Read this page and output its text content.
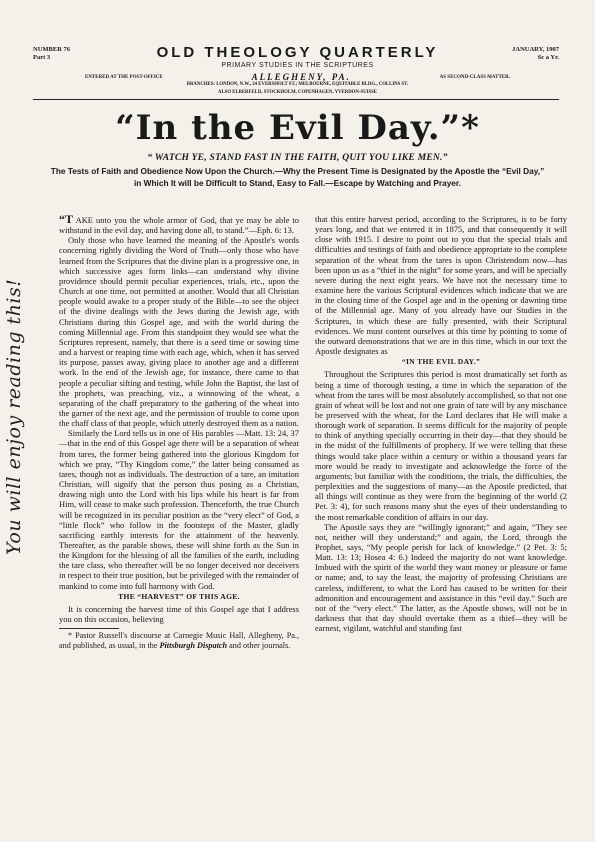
NUMBER 76
Part 3
JANUARY, 1907
6c a Yr.
OLD THEOLOGY QUARTERLY
PRIMARY STUDIES IN THE SCRIPTURES
ENTERED AT THE POST-OFFICE	ALLEGHENY, PA.	AS SECOND-CLASS MATTER.
BRANCHES: LONDON, N.W., 24 EVERSHOLT ST.; MELBOURNE, EQUITABLE BLDG., COLLINS ST.
ALSO ELBERFELD, STOCKHOLM, COPENHAGEN, YVERDON-SUISSE
“In the Evil Day.”*
“ WATCH YE, STAND FAST IN THE FAITH, QUIT YOU LIKE MEN.”
The Tests of Faith and Obedience Now Upon the Church.—Why the Present Time is Designated by the Apostle the “Evil Day,” in Which It will be Difficult to Stand, Easy to Fall.—Escape by Watching and Prayer.
You will enjoy reading this!

“T AKE unto you the whole armor of God, that ye may be able to withstand in the evil day, and having done all, to stand.”—Eph. 6: 13.

Only those who have learned the meaning of the Apostle's words concerning rightly dividing the Word of Truth—only those who have learned from the Scriptures that the divine plan is a progressive one, in which successive ages form links—can understand why divine providence should permit peculiar experiences, trials, etc., upon the Church at one time, not permitted at another. Would that all Christian people would awake to a proper study of the Bible—to see the object of the divine dealings with the Jews during the Jewish age, with Christians during this Gospel age, and with the world during the coming Millennial age. From this standpoint they would see what the Scriptures represent, namely, that there is a seed time or sowing time and a harvest or reaping time with each age, which, when it has served its purpose, passes away, giving place to another age and a different work. In the end of the Jewish age, for instance, there came to that people a peculiar sifting and testing, while John the Baptist, the last of the prophets, was preaching, viz., a winnowing of the wheat, a separating of the chaff preparatory to the gathering of the wheat into the garner of the next age, and the permission of trouble to come upon the chaff class of that people, which utterly destroyed them as a nation.

Similarly the Lord tells us in one of His parables —Matt. 13: 24, 37—that in the end of this Gospel age there will be a separation of wheat from tares, the former being gathered into the glorious Kingdom for which we pray, “Thy Kingdom come,” the latter being consumed as tares, though not as individuals. The destruction of a tare, an imitation Christian, will signify that the person thus posing as a Christian, drawing nigh unto the Lord with his lips while his heart is far from Him, will cease to make such profession. Thenceforth, the true Church will be recognized in its peculiar position as the “very elect” of God, a “little flock” who follow in the footsteps of the Master, gladly sacrificing earthly interests for the attainment of the heavenly. Thereafter, as the parable shows, these will shine forth as the Sun in the Kingdom for the blessing of all the families of the earth, including the tare class, who thereafter will be no longer deceived nor deceivers in respect to their true position, but be privileged with the remainder of mankind to come into full harmony with God.

THE “HARVEST” OF THIS AGE.

It is concerning the harvest time of this Gospel age that I address you on this occasion, believing

* Pastor Russell's discourse at Carnegie Music Hall, Allegheny, Pa., and published, as usual, in the Pittsburgh Dispatch and other journals.

that this entire harvest period, according to the Scriptures, is to be forty years long, and that we entered it in 1875, and that consequently it will close with 1915. I desire to point out to you that the special trials and difficulties and testings of faith and obedience appropriate to the complete separation of the wheat from the tares is upon Christendom now—has been upon us as a “thief in the night” for some years, and will be specially severe during the next eight years. We have not the necessary time to examine here the various Scriptural evidences which indicate that we are in the closing time of the Gospel age and in the opening or dawning time of the Millennial age. Many of you already have our Studies in the Scriptures, in which these are fully presented, with their Scriptural evidences. We must content ourselves at this time by pointing to some of the outward demonstrations that we are in this time, which in our text the Apostle designates as

“IN THE EVIL DAY.”

Throughout the Scriptures this period is most dramatically set forth as being a time of thorough testing, a time in which the separation of the wheat from the tares will be most absolutely accomplished, so that not one grain of wheat will be lost and not one grain of tare will by any mischance be preserved with the wheat, for the Lord declares that He will make a thorough work of separation. It seems difficult for the majority of people to think of anything specially occurring in their day—that they should be in the midst of the fulfillments of prophecy. If we were telling that these things would take place within a century or within a thousand years far more would be ready to investigate and acknowledge the force of the arguments; but familiar with the conditions, the trials, the difficulties, the perplexities and the suggestions of many—as the Apostle predicted, that all things will continue as they were from the beginning of the world (2 Pet. 3: 4), for such reasons many shut the eyes of their understanding to the most remarkable condition of affairs in our day.

The Apostle says they are “willingly ignorant;” and again, “They see not, neither will they understand;” and again, the Lord, through the Prophet, says, “My people perish for lack of knowledge.” (2 Pet. 3: 5; Matt. 13: 13; Hosea 4: 6.) Indeed the majority do not want knowledge. Imbued with the spirit of the world they want money or pleasure or fame or name; and, to say the least, the majority of professing Christians are careless, indifferent, to what the Lord has caused to be written for their admonition and encouragement and assistance in this “evil day.” Such are not of the “very elect.” The latter, as the Apostle shows, will not be in darkness that that day should overtake them as a thief—they will be earnest, vigilant, watchful and standing fast
